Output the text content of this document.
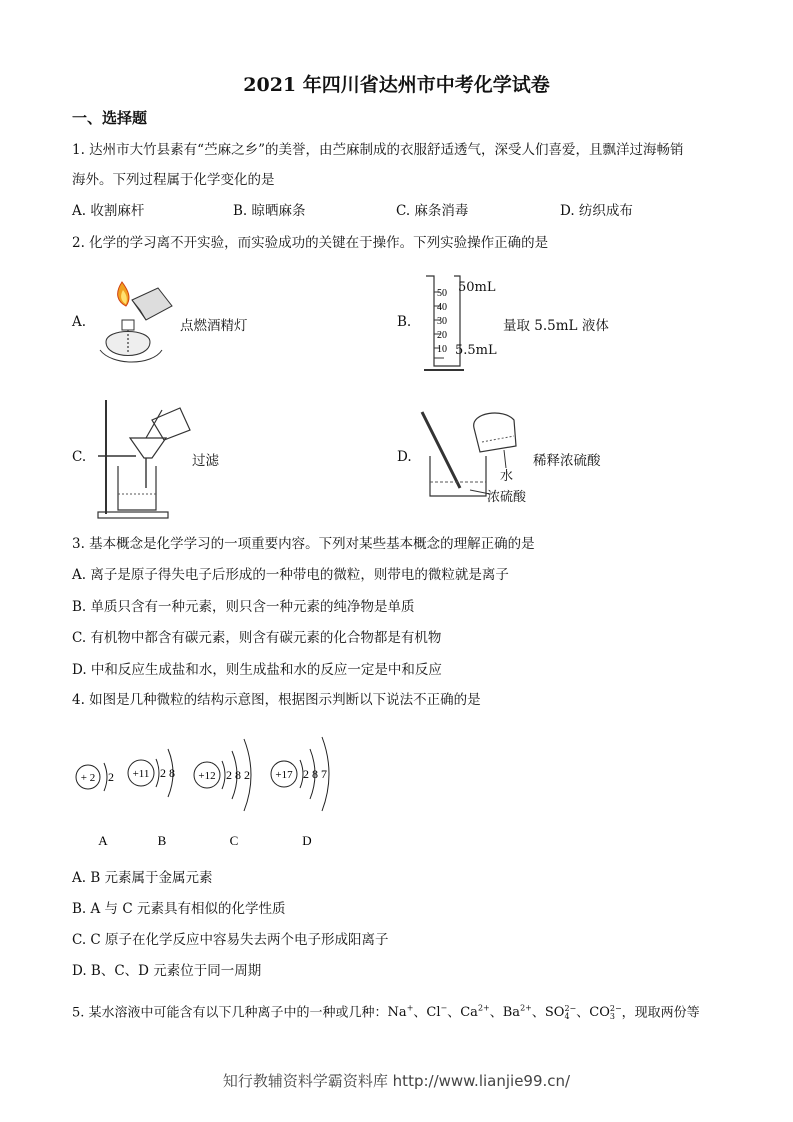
2021 年四川省达州市中考化学试卷
一、选择题
1. 达州市大竹县素有“苎麻之乡”的美誉，由苎麻制成的衣服舒适透气，深受人们喜爱，且飘洋过海畅销
海外。下列过程属于化学变化的是
A. 收割麻杆	B. 晾晒麻条	C. 麻条消毒	D. 纺织成布
2. 化学的学习离不开实验，而实验成功的关键在于操作。下列实验操作正确的是
A.	点燃酒精灯	B.
50
40
30
20
10
50mL
5.5mL
量取 5.5mL 液体
C.	过滤	D.
水
浓硫酸
稀释浓硫酸
3. 基本概念是化学学习的一项重要内容。下列对某些基本概念的理解正确的是
A. 离子是原子得失电子后形成的一种带电的微粒，则带电的微粒就是离子
B. 单质只含有一种元素，则只含一种元素的纯净物是单质
C. 有机物中都含有碳元素，则含有碳元素的化合物都是有机物
D. 中和反应生成盐和水，则生成盐和水的反应一定是中和反应
4. 如图是几种微粒的结构示意图，根据图示判断以下说法不正确的是
+ 2 2
A
+11 2 8
B
+12 2 8 2
C
+17 2 8 7
D
A. B 元素属于金属元素
B. A 与 C 元素具有相似的化学性质
C. C 原子在化学反应中容易失去两个电子形成阳离子
D. B、C、D 元素位于同一周期
5. 某水溶液中可能含有以下几种离子中的一种或几种：Na+、Cl−、$Ca^{2+}$、$Ba^{2+}$、SO 2−
4 、CO 2−
3 ，现取两份等
知行教辅资料学霸资料库 http://www.lianjie99.cn/
